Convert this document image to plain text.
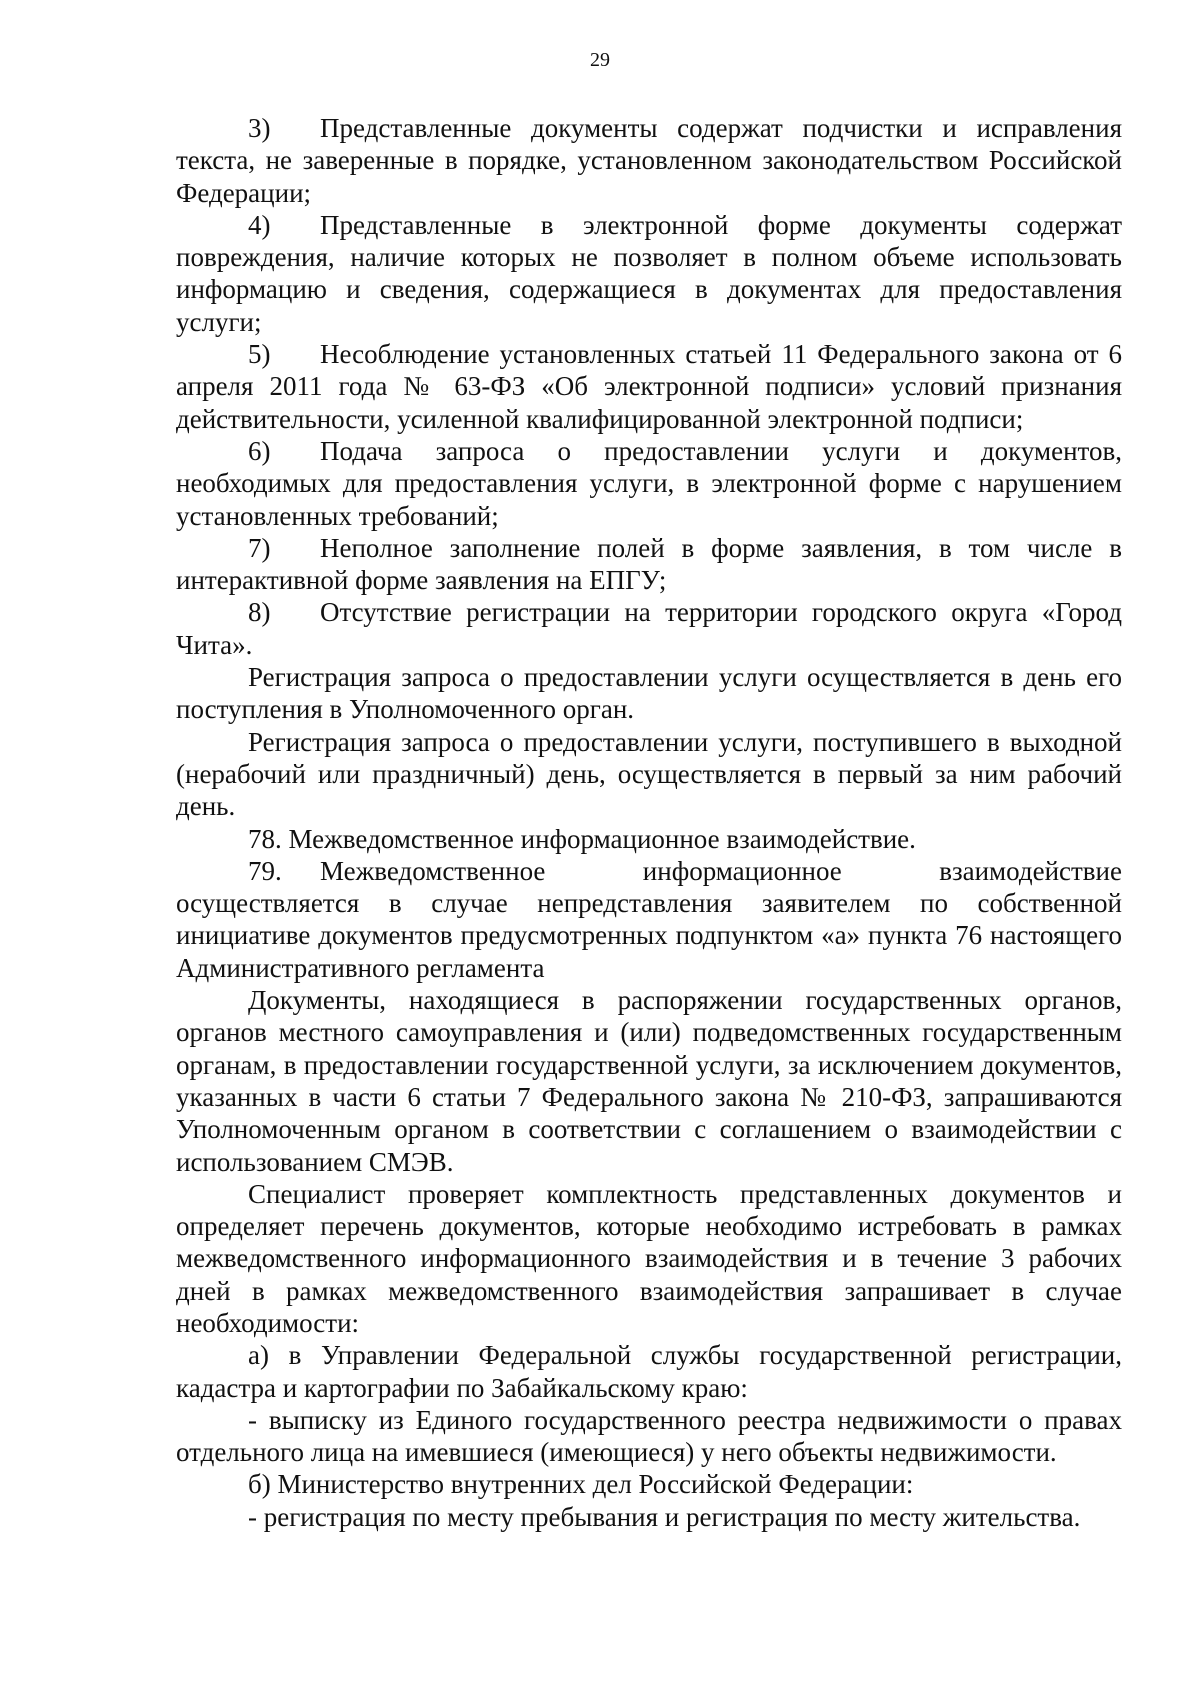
29

3) Представленные документы содержат подчистки и исправления текста, не заверенные в порядке, установленном законодательством Российской Федерации;

4) Представленные в электронной форме документы содержат повреждения, наличие которых не позволяет в полном объеме использовать информацию и сведения, содержащиеся в документах для предоставления услуги;

5) Несоблюдение установленных статьей 11 Федерального закона от 6 апреля 2011 года № 63-ФЗ «Об электронной подписи» условий признания действительности, усиленной квалифицированной электронной подписи;

6) Подача запроса о предоставлении услуги и документов, необходимых для предоставления услуги, в электронной форме с нарушением установленных требований;

7) Неполное заполнение полей в форме заявления, в том числе в интерактивной форме заявления на ЕПГУ;

8) Отсутствие регистрации на территории городского округа «Город Чита».

Регистрация запроса о предоставлении услуги осуществляется в день его поступления в Уполномоченного орган.

Регистрация запроса о предоставлении услуги, поступившего в выходной (нерабочий или праздничный) день, осуществляется в первый за ним рабочий день.

78. Межведомственное информационное взаимодействие.

79. Межведомственное информационное взаимодействие осуществляется в случае непредставления заявителем по собственной инициативе документов предусмотренных подпунктом «а» пункта 76 настоящего Административного регламента

Документы, находящиеся в распоряжении государственных органов, органов местного самоуправления и (или) подведомственных государственным органам, в предоставлении государственной услуги, за исключением документов, указанных в части 6 статьи 7 Федерального закона № 210-ФЗ, запрашиваются Уполномоченным органом в соответствии с соглашением о взаимодействии с использованием СМЭВ.

Специалист проверяет комплектность представленных документов и определяет перечень документов, которые необходимо истребовать в рамках межведомственного информационного взаимодействия и в течение 3 рабочих дней в рамках межведомственного взаимодействия запрашивает в случае необходимости:

а) в Управлении Федеральной службы государственной регистрации, кадастра и картографии по Забайкальскому краю:

- выписку из Единого государственного реестра недвижимости о правах отдельного лица на имевшиеся (имеющиеся) у него объекты недвижимости.

б) Министерство внутренних дел Российской Федерации:

- регистрация по месту пребывания и регистрация по месту жительства.
